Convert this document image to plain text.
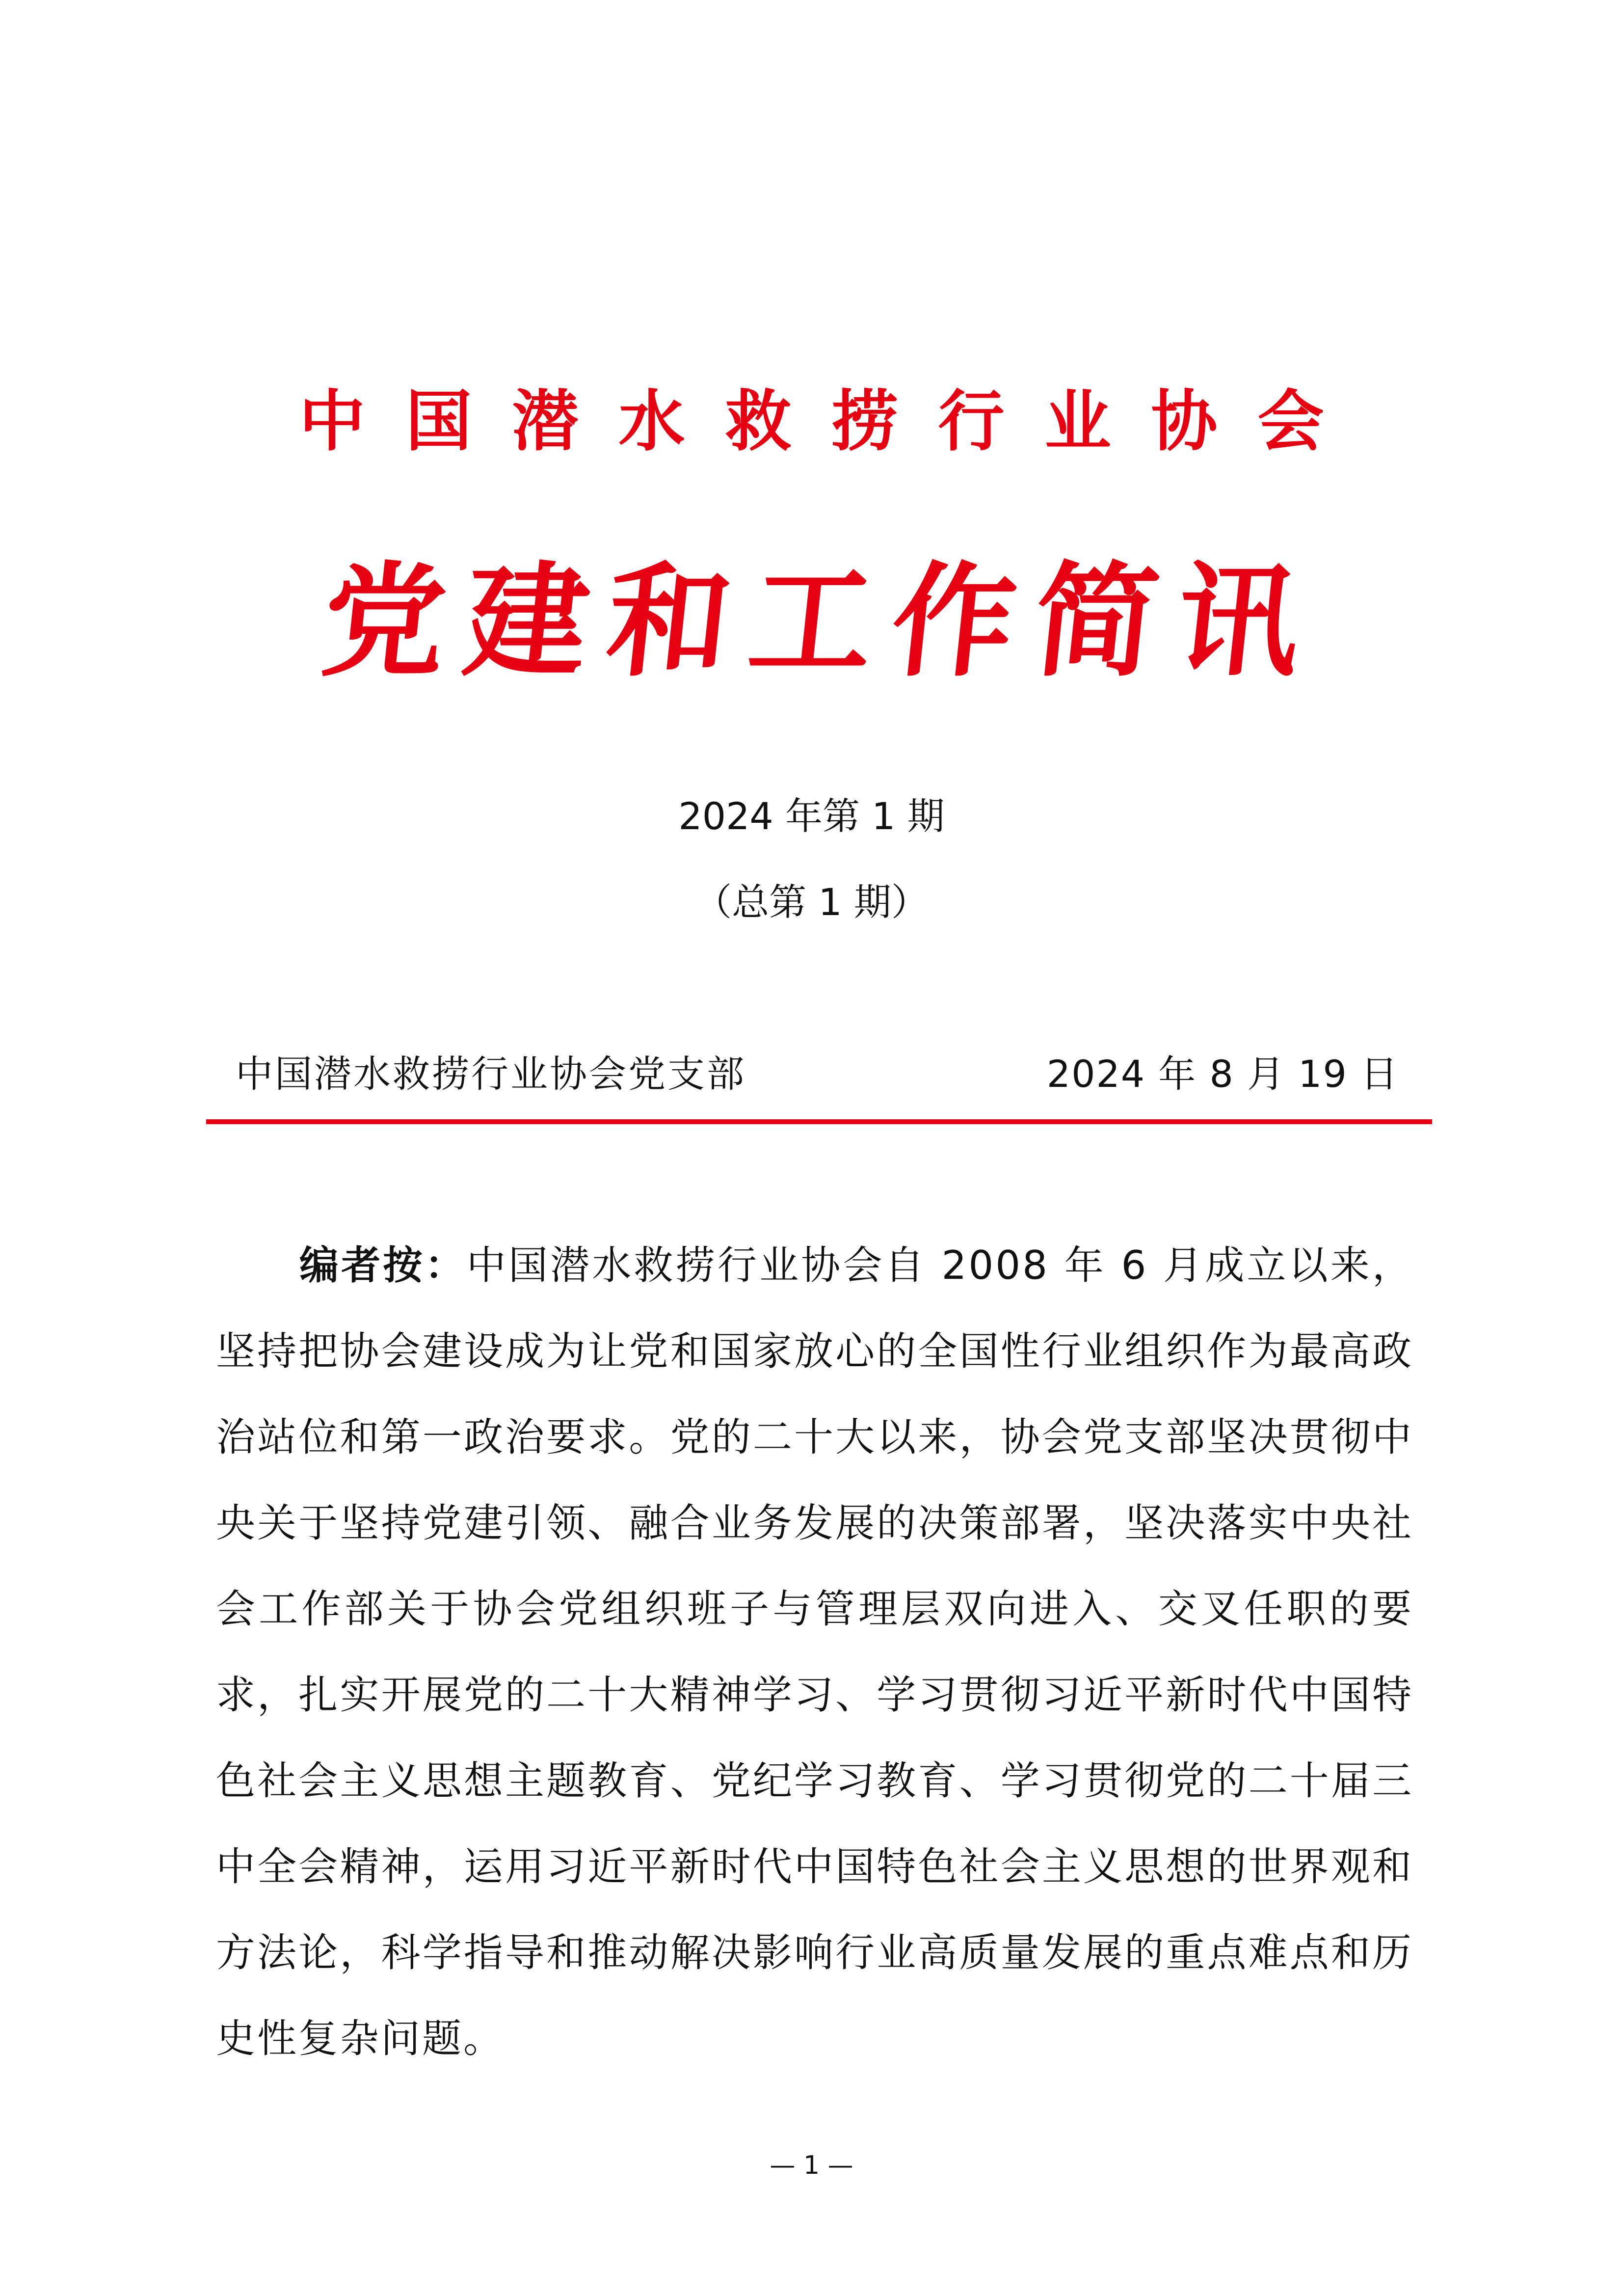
中国潜水救捞行业协会
党建和工作简讯
2024 年第 1 期
（总第 1 期）
中国潜水救捞行业协会党支部	2024 年 8 月 19 日

编者按：中国潜水救捞行业协会自 2008 年 6 月成立以来，坚持把协会建设成为让党和国家放心的全国性行业组织作为最高政治站位和第一政治要求。党的二十大以来，协会党支部坚决贯彻中央关于坚持党建引领、融合业务发展的决策部署，坚决落实中央社会工作部关于协会党组织班子与管理层双向进入、交叉任职的要求，扎实开展党的二十大精神学习、学习贯彻习近平新时代中国特色社会主义思想主题教育、党纪学习教育、学习贯彻党的二十届三中全会精神，运用习近平新时代中国特色社会主义思想的世界观和方法论，科学指导和推动解决影响行业高质量发展的重点难点和历史性复杂问题。

— 1 —
